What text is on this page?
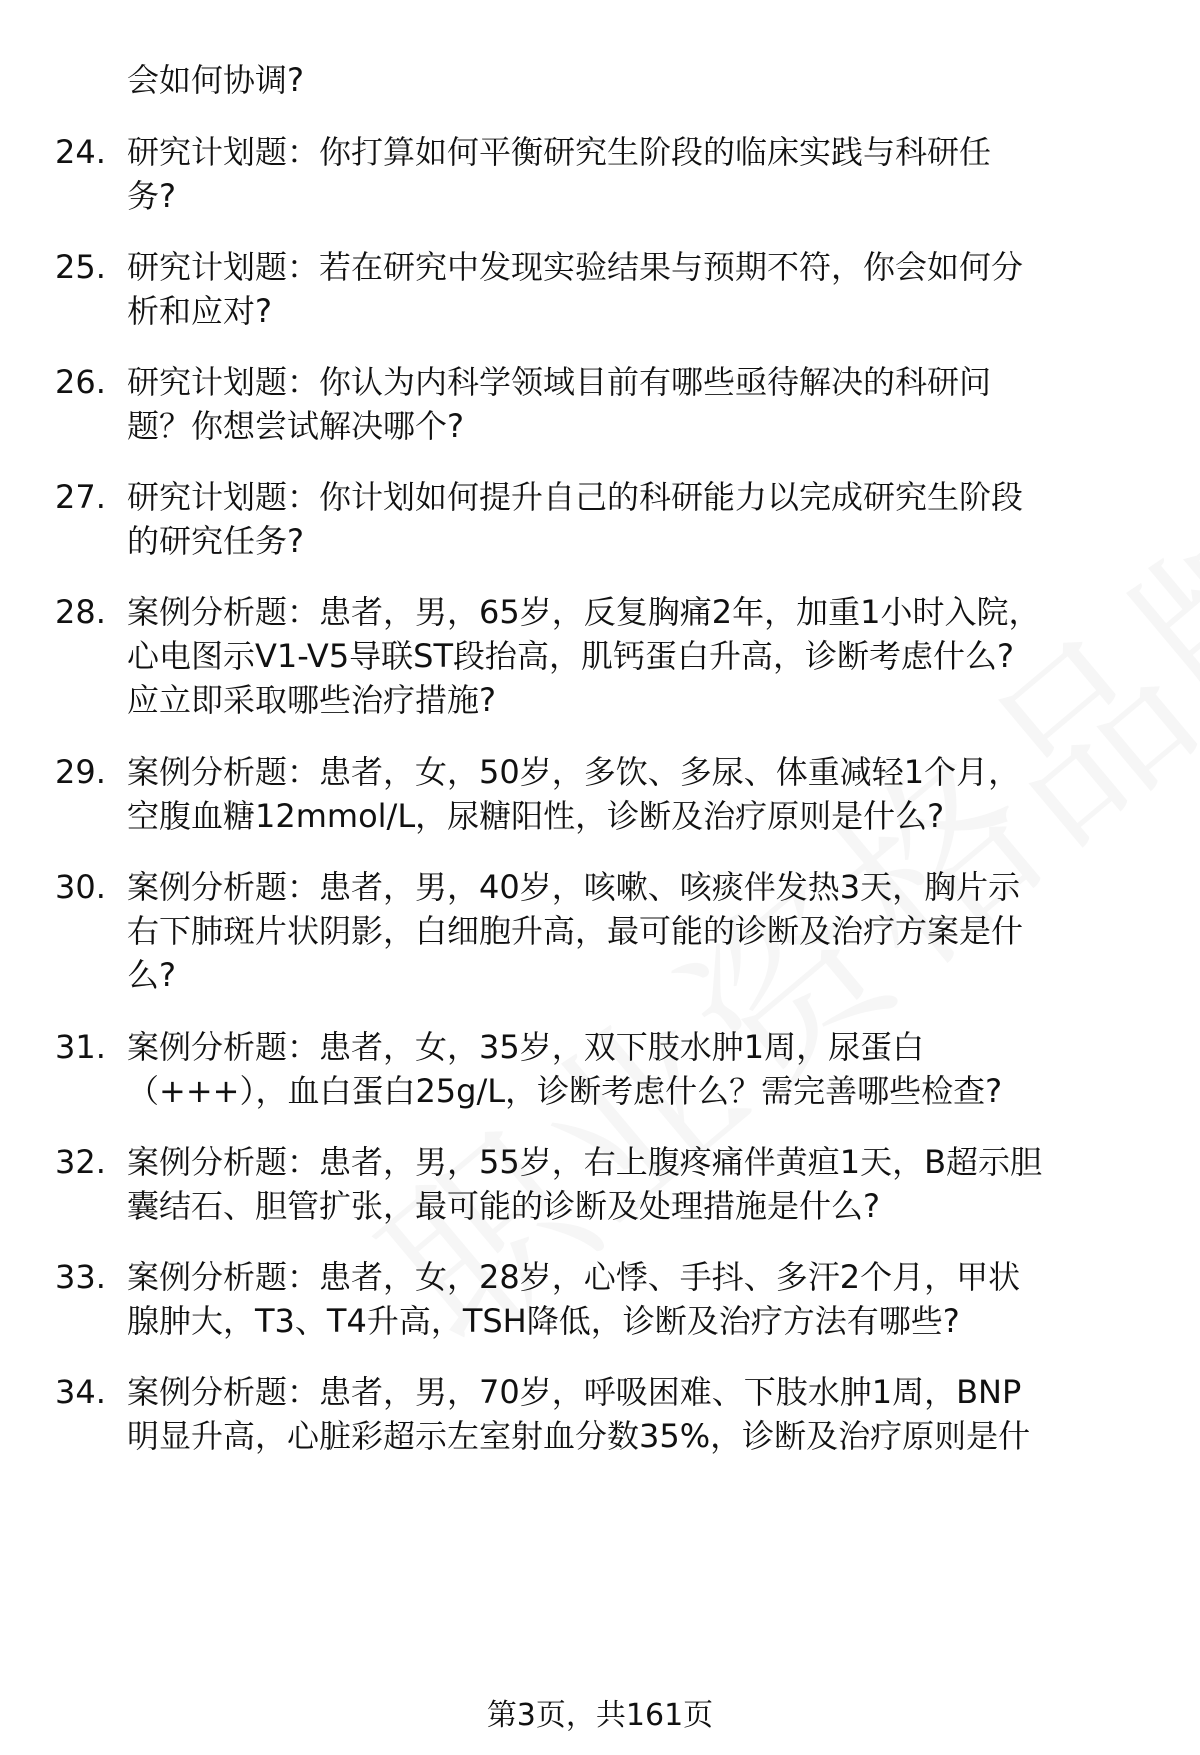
会如何协调?
24. 研究计划题：你打算如何平衡研究生阶段的临床实践与科研任
务?
25. 研究计划题：若在研究中发现实验结果与预期不符，你会如何分
析和应对?
26. 研究计划题：你认为内科学领域目前有哪些亟待解决的科研问
题？你想尝试解决哪个?
27. 研究计划题：你计划如何提升自己的科研能力以完成研究生阶段
的研究任务?
28. 案例分析题：患者，男，65岁，反复胸痛2年，加重1小时入院，
心电图示V1-V5导联ST段抬高，肌钙蛋白升高，诊断考虑什么?
应立即采取哪些治疗措施?
29. 案例分析题：患者，女，50岁，多饮、多尿、体重减轻1个月，
空腹血糖12mmol/L，尿糖阳性，诊断及治疗原则是什么?
30. 案例分析题：患者，男，40岁，咳嗽、咳痰伴发热3天，胸片示
右下肺斑片状阴影，白细胞升高，最可能的诊断及治疗方案是什
么?
31. 案例分析题：患者，女，35岁，双下肢水肿1周，尿蛋白
（+++），血白蛋白25g/L，诊断考虑什么？需完善哪些检查?
32. 案例分析题：患者，男，55岁，右上腹疼痛伴黄疸1天，B超示胆
囊结石、胆管扩张，最可能的诊断及处理措施是什么?
33. 案例分析题：患者，女，28岁，心悸、手抖、多汗2个月，甲状
腺肿大，T3、T4升高，TSH降低，诊断及治疗方法有哪些?
34. 案例分析题：患者，男，70岁，呼吸困难、下肢水肿1周，BNP
明显升高，心脏彩超示左室射血分数35%，诊断及治疗原则是什
第3页，共161页
